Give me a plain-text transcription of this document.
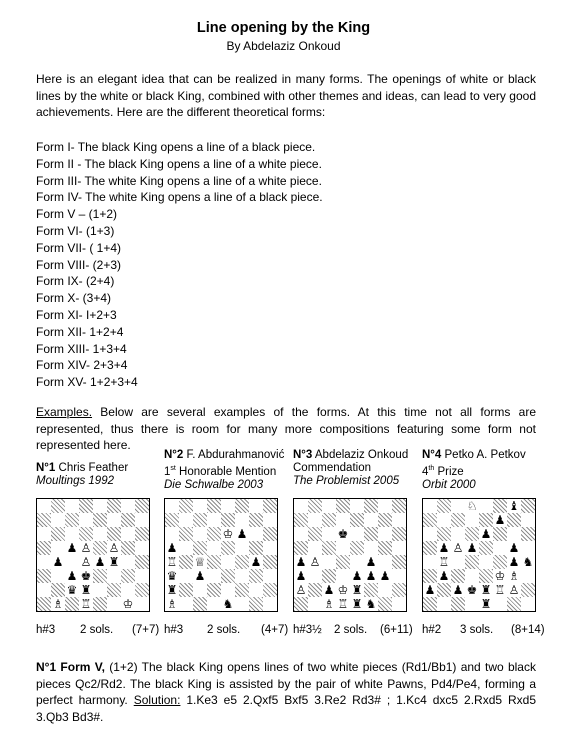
Line opening by the King
By Abdelaziz Onkoud
Here is an elegant idea that can be realized in many forms. The openings of white or black lines by the white or black King, combined with other themes and ideas, can lead to very good achievements. Here are the different theoretical forms:
Form I- The black King opens a line of a black piece.
Form II - The black King opens a line of a white piece.
Form III- The white King opens a line of a white piece.
Form IV- The white King opens a line of a black piece.
Form V – (1+2)
Form VI- (1+3)
Form VII- ( 1+4)
Form VIII- (2+3)
Form IX- (2+4)
Form X- (3+4)
Form XI- I+2+3
Form XII- 1+2+4
Form XIII- 1+3+4
Form XIV- 2+3+4
Form XV- 1+2+3+4
Examples. Below are several examples of the forms. At this time not all forms are represented, thus there is room for many more compositions featuring some form not represented here.
N°1 Chris Feather
Moultings 1992
N°2 F. Abdurahmanović
1st Honorable Mention
Die Schwalbe 2003
N°3 Abdelaziz Onkoud
Commendation
The Problemist 2005
N°4 Petko A. Petkov
4th Prize
Orbit 2000
♟ ♙ ♙
♟ ♙ ♟ ♜
♟ ♚
♛ ♜
♗ ♖	♔
♟
♔ ♟
♖ ♕	♟
♛ ♟
♜
♗	♞
♚
♟ ♙	♟
♟	♟ ♟ ♟
♙ ♟ ♔ ♜
♗ ♖ ♜ ♞
♘	♝
♟
♟
♟ ♙ ♟	♟
♖	♟ ♞
♟	♔ ♗
♟ ♟ ♚ ♜ ♖ ♙
♜
h#3 2 sols. (7+7) h#3 2 sols. (4+7) h#3½ 2 sols. (6+11) h#2 3 sols. (8+14)
N°1 Form V, (1+2) The black King opens lines of two white pieces (Rd1/Bb1) and two black pieces Qc2/Rd2. The black King is assisted by the pair of white Pawns, Pd4/Pe4, forming a perfect harmony. Solution: 1.Ke3 e5 2.Qxf5 Bxf5 3.Re2 Rd3# ; 1.Kc4 dxc5 2.Rxd5 Rxd5 3.Qb3 Bd3#.
